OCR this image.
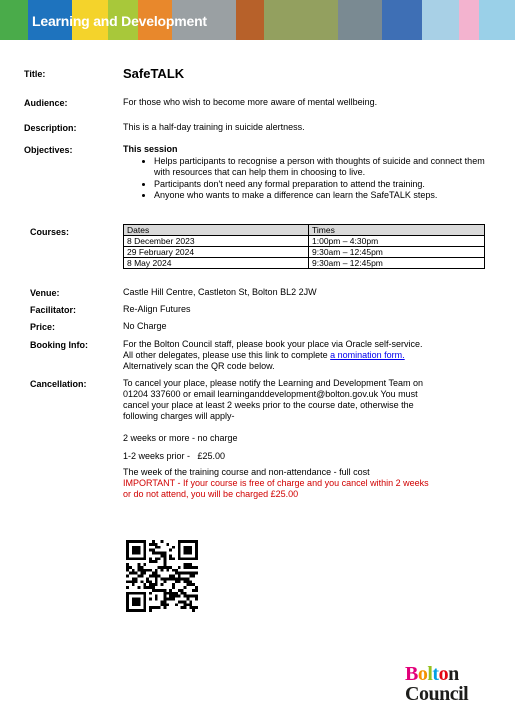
Learning and Development
Title:	SafeTALK
Audience:	For those who wish to become more aware of mental wellbeing.
Description:	This is a half-day training in suicide alertness.
Objectives:	This session
• Helps participants to recognise a person with thoughts of suicide and connect them with resources that can help them in choosing to live.
• Participants don't need any formal preparation to attend the training.
• Anyone who wants to make a difference can learn the SafeTALK steps.
Courses:	Dates	Times
8 December 2023	1:00pm – 4:30pm
29 February 2024	9:30am – 12:45pm
8 May 2024	9:30am – 12:45pm
Venue:	Castle Hill Centre, Castleton St, Bolton BL2 2JW
Facilitator:	Re-Align Futures
Price:	No Charge
Booking Info:	For the Bolton Council staff, please book your place via Oracle self-service.
All other delegates, please use this link to complete a nomination form.
Alternatively scan the QR code below.
Cancellation:	To cancel your place, please notify the Learning and Development Team on
01204 337600 or email learninganddevelopment@bolton.gov.uk You must
cancel your place at least 2 weeks prior to the course date, otherwise the
following charges will apply-
2 weeks or more - no charge
1-2 weeks prior -   £25.00
The week of the training course and non-attendance - full cost
IMPORTANT - If your course is free of charge and you cancel within 2 weeks
or do not attend, you will be charged £25.00
Bolton
Council
